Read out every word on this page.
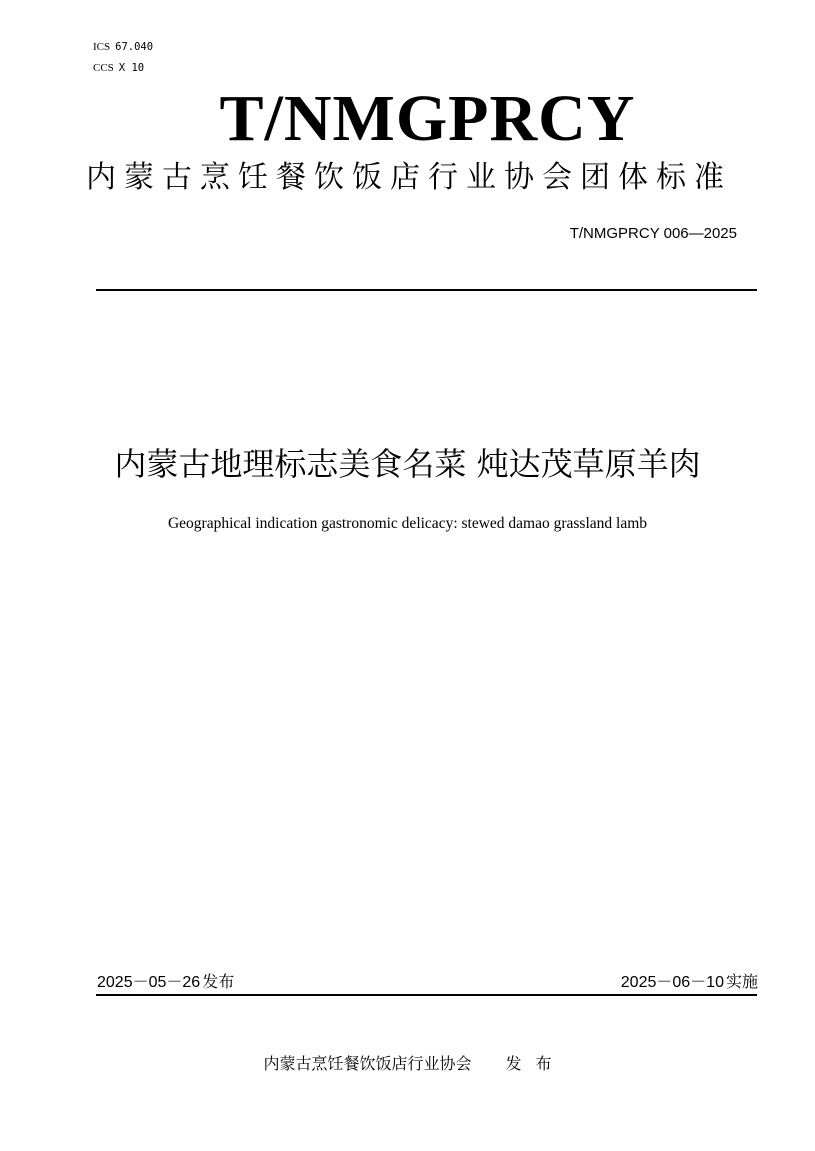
ICS 67.040
CCS X 10
T/NMGPRCY
内蒙古烹饪餐饮饭店行业协会团体标准
T/NMGPRCY 006—2025
内蒙古地理标志美食名菜 炖达茂草原羊肉
Geographical indication gastronomic delicacy: stewed damao grassland lamb
2025－05－26 发布	2025－06－10 实施
内蒙古烹饪餐饮饭店行业协会 发布
